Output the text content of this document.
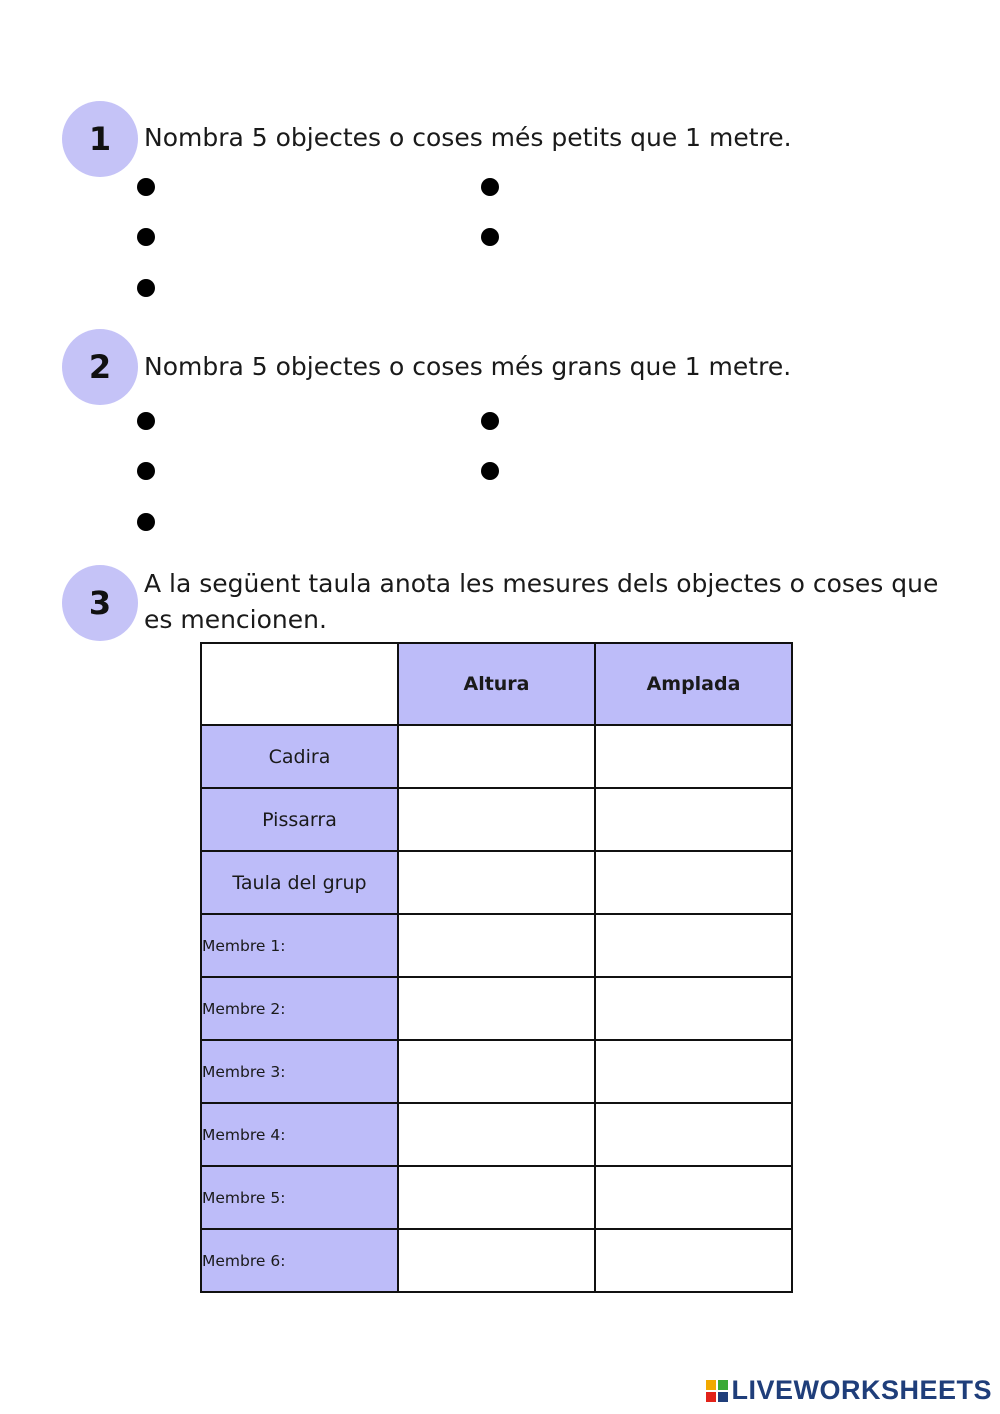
1	Nombra 5 objectes o coses més petits que 1 metre.
2	Nombra 5 objectes o coses més grans que 1 metre.
3
A la següent taula anota les mesures dels objectes o coses que
es mencionen.
	Altura	Amplada
Cadira		
Pissarra		
Taula del grup		
Membre 1:		
Membre 2:		
Membre 3:		
Membre 4:		
Membre 5:		
Membre 6:		
LIVEWORKSHEETS
